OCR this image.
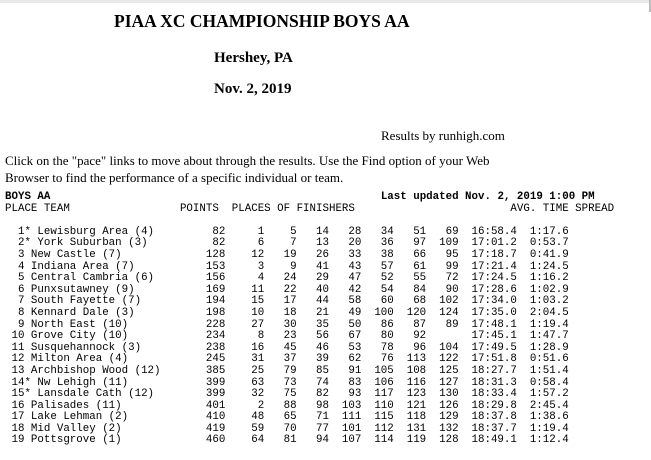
PIAA XC CHAMPIONSHIP BOYS AA
Hershey, PA
Nov. 2, 2019
Results by runhigh.com

Click on the "pace" links to move about through the results. Use the Find option of your Web
Browser to find the performance of a specific individual or team.

BOYS AA	Last updated Nov. 2, 2019 1:00 PM
PLACE TEAM                 POINTS  PLACES OF FINISHERS                        AVG. TIME SPREAD

1* Lewisburg Area (4)         82     1    5   14   28   34   51   69  16:58.4  1:17.6
2* York Suburban (3)          82     6    7   13   20   36   97  109  17:01.2  0:53.7
3 New Castle (7)             128    12   19   26   33   38   66   95  17:18.7  0:41.9
4 Indiana Area (7)           153     3    9   41   43   57   61   99  17:21.4  1:24.5
5 Central Cambria (6)        156     4   24   29   47   52   55   72  17:24.5  1:16.2
6 Punxsutawney (9)           169    11   22   40   42   54   84   90  17:28.6  1:02.9
7 South Fayette (7)          194    15   17   44   58   60   68  102  17:34.0  1:03.2
8 Kennard Dale (3)           198    10   18   21   49  100  120  124  17:35.0  2:04.5
9 North East (10)            228    27   30   35   50   86   87   89  17:48.1  1:19.4
10 Grove City (10)            234     8   23   56   67   80   92       17:45.1  1:47.7
11 Susquehannock (3)          238    16   45   46   53   78   96  104  17:49.5  1:28.9
12 Milton Area (4)            245    31   37   39   62   76  113  122  17:51.8  0:51.6
13 Archbishop Wood (12)       385    25   79   85   91  105  108  125  18:27.7  1:51.4
14* Nw Lehigh (11)            399    63   73   74   83  106  116  127  18:31.3  0:58.4
15* Lansdale Cath (12)        399    32   75   82   93  117  123  130  18:33.4  1:57.2
16 Palisades (11)             401     2   88   98  103  110  121  126  18:29.8  2:45.4
17 Lake Lehman (2)            410    48   65   71  111  115  118  129  18:37.8  1:38.6
18 Mid Valley (2)             419    59   70   77  101  112  131  132  18:37.7  1:19.4
19 Pottsgrove (1)             460    64   81   94  107  114  119  128  18:49.1  1:12.4
